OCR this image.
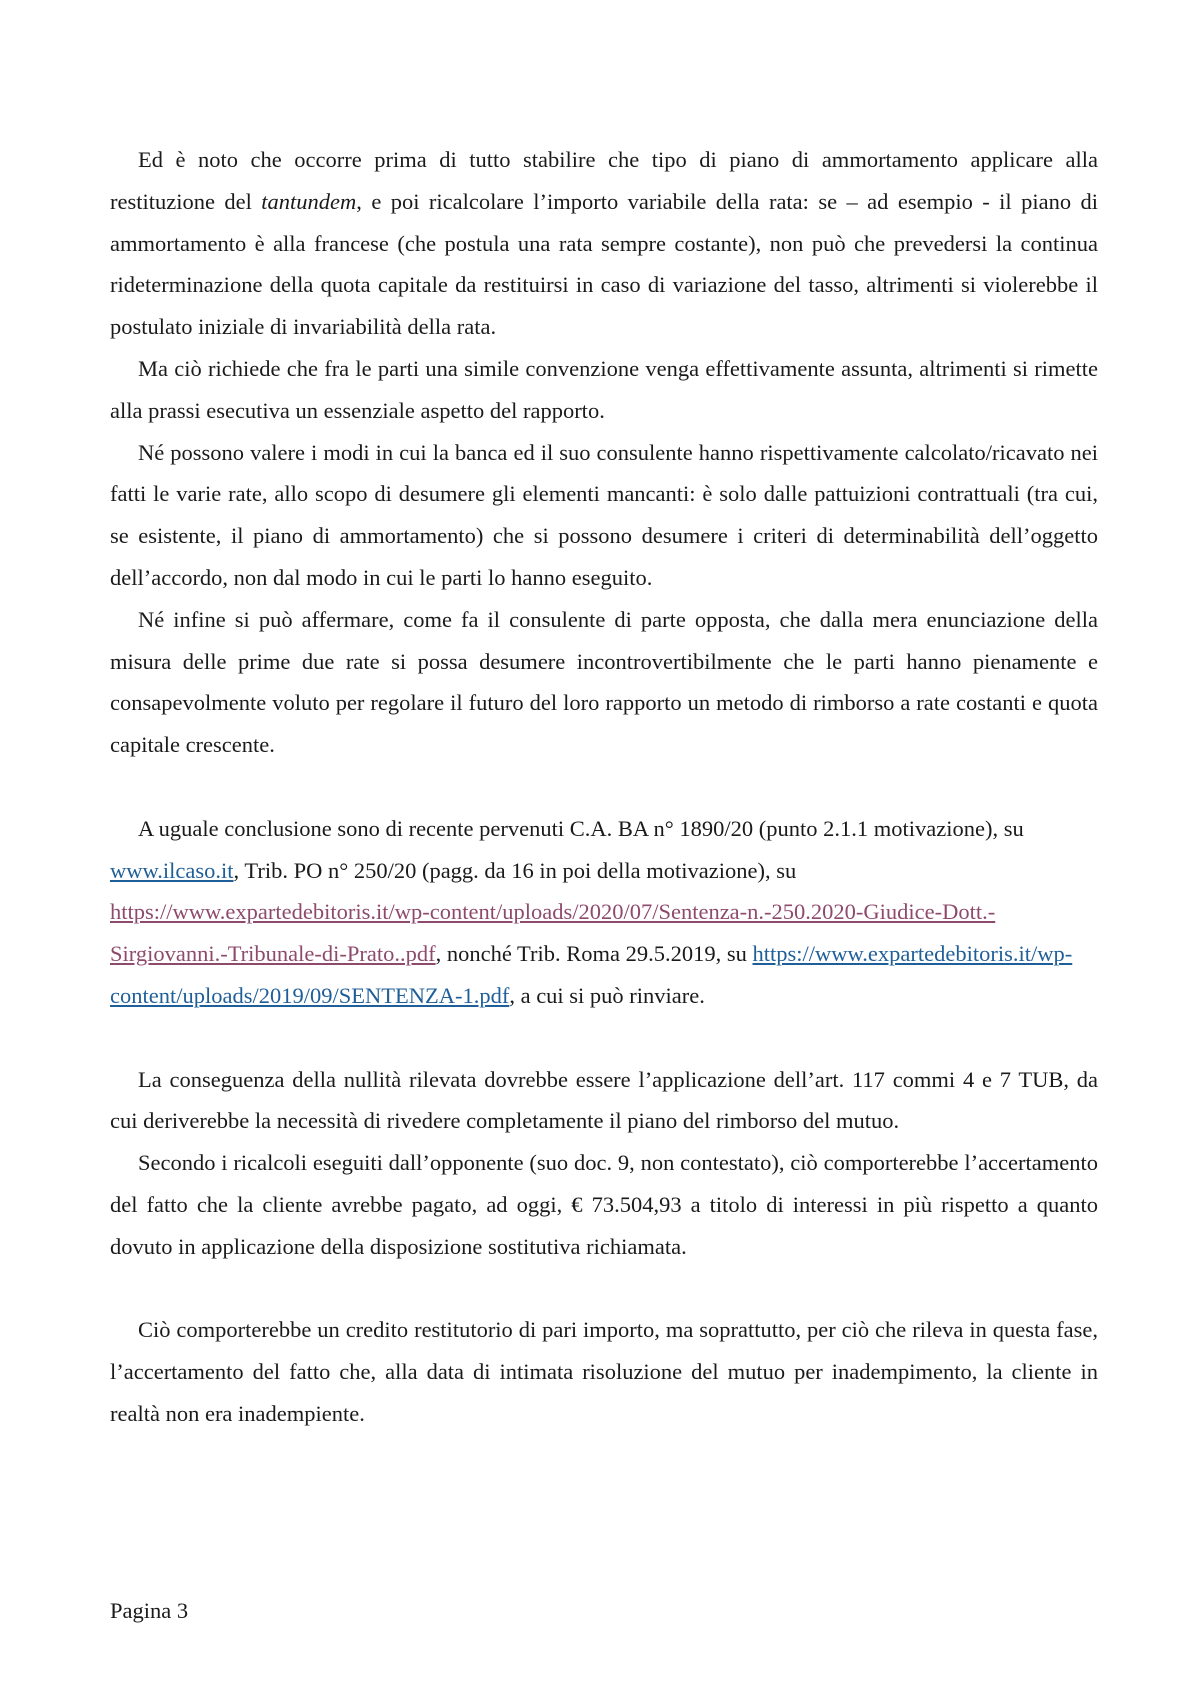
Ed è noto che occorre prima di tutto stabilire che tipo di piano di ammortamento applicare alla restituzione del tantundem, e poi ricalcolare l’importo variabile della rata: se – ad esempio - il piano di ammortamento è alla francese (che postula una rata sempre costante), non può che prevedersi la continua rideterminazione della quota capitale da restituirsi in caso di variazione del tasso, altrimenti si violerebbe il postulato iniziale di invariabilità della rata.

Ma ciò richiede che fra le parti una simile convenzione venga effettivamente assunta, altrimenti si rimette alla prassi esecutiva un essenziale aspetto del rapporto.

Né possono valere i modi in cui la banca ed il suo consulente hanno rispettivamente calcolato/ricavato nei fatti le varie rate, allo scopo di desumere gli elementi mancanti: è solo dalle pattuizioni contrattuali (tra cui, se esistente, il piano di ammortamento) che si possono desumere i criteri di determinabilità dell’oggetto dell’accordo, non dal modo in cui le parti lo hanno eseguito.

Né infine si può affermare, come fa il consulente di parte opposta, che dalla mera enunciazione della misura delle prime due rate si possa desumere incontrovertibilmente che le parti hanno pienamente e consapevolmente voluto per regolare il futuro del loro rapporto un metodo di rimborso a rate costanti e quota capitale crescente.

A uguale conclusione sono di recente pervenuti C.A. BA n° 1890/20 (punto 2.1.1 motivazione), su www.ilcaso.it, Trib. PO n° 250/20 (pagg. da 16 in poi della motivazione), su https://www.expartedebitoris.it/wp-content/uploads/2020/07/Sentenza-n.-250.2020-Giudice-Dott.-Sirgiovanni.-Tribunale-di-Prato..pdf, nonché Trib. Roma 29.5.2019, su https://www.expartedebitoris.it/wp-content/uploads/2019/09/SENTENZA-1.pdf, a cui si può rinviare.

La conseguenza della nullità rilevata dovrebbe essere l’applicazione dell’art. 117 commi 4 e 7 TUB, da cui deriverebbe la necessità di rivedere completamente il piano del rimborso del mutuo.

Secondo i ricalcoli eseguiti dall’opponente (suo doc. 9, non contestato), ciò comporterebbe l’accertamento del fatto che la cliente avrebbe pagato, ad oggi, € 73.504,93 a titolo di interessi in più rispetto a quanto dovuto in applicazione della disposizione sostitutiva richiamata.

Ciò comporterebbe un credito restitutorio di pari importo, ma soprattutto, per ciò che rileva in questa fase, l’accertamento del fatto che, alla data di intimata risoluzione del mutuo per inadempimento, la cliente in realtà non era inadempiente.

Pagina 3
